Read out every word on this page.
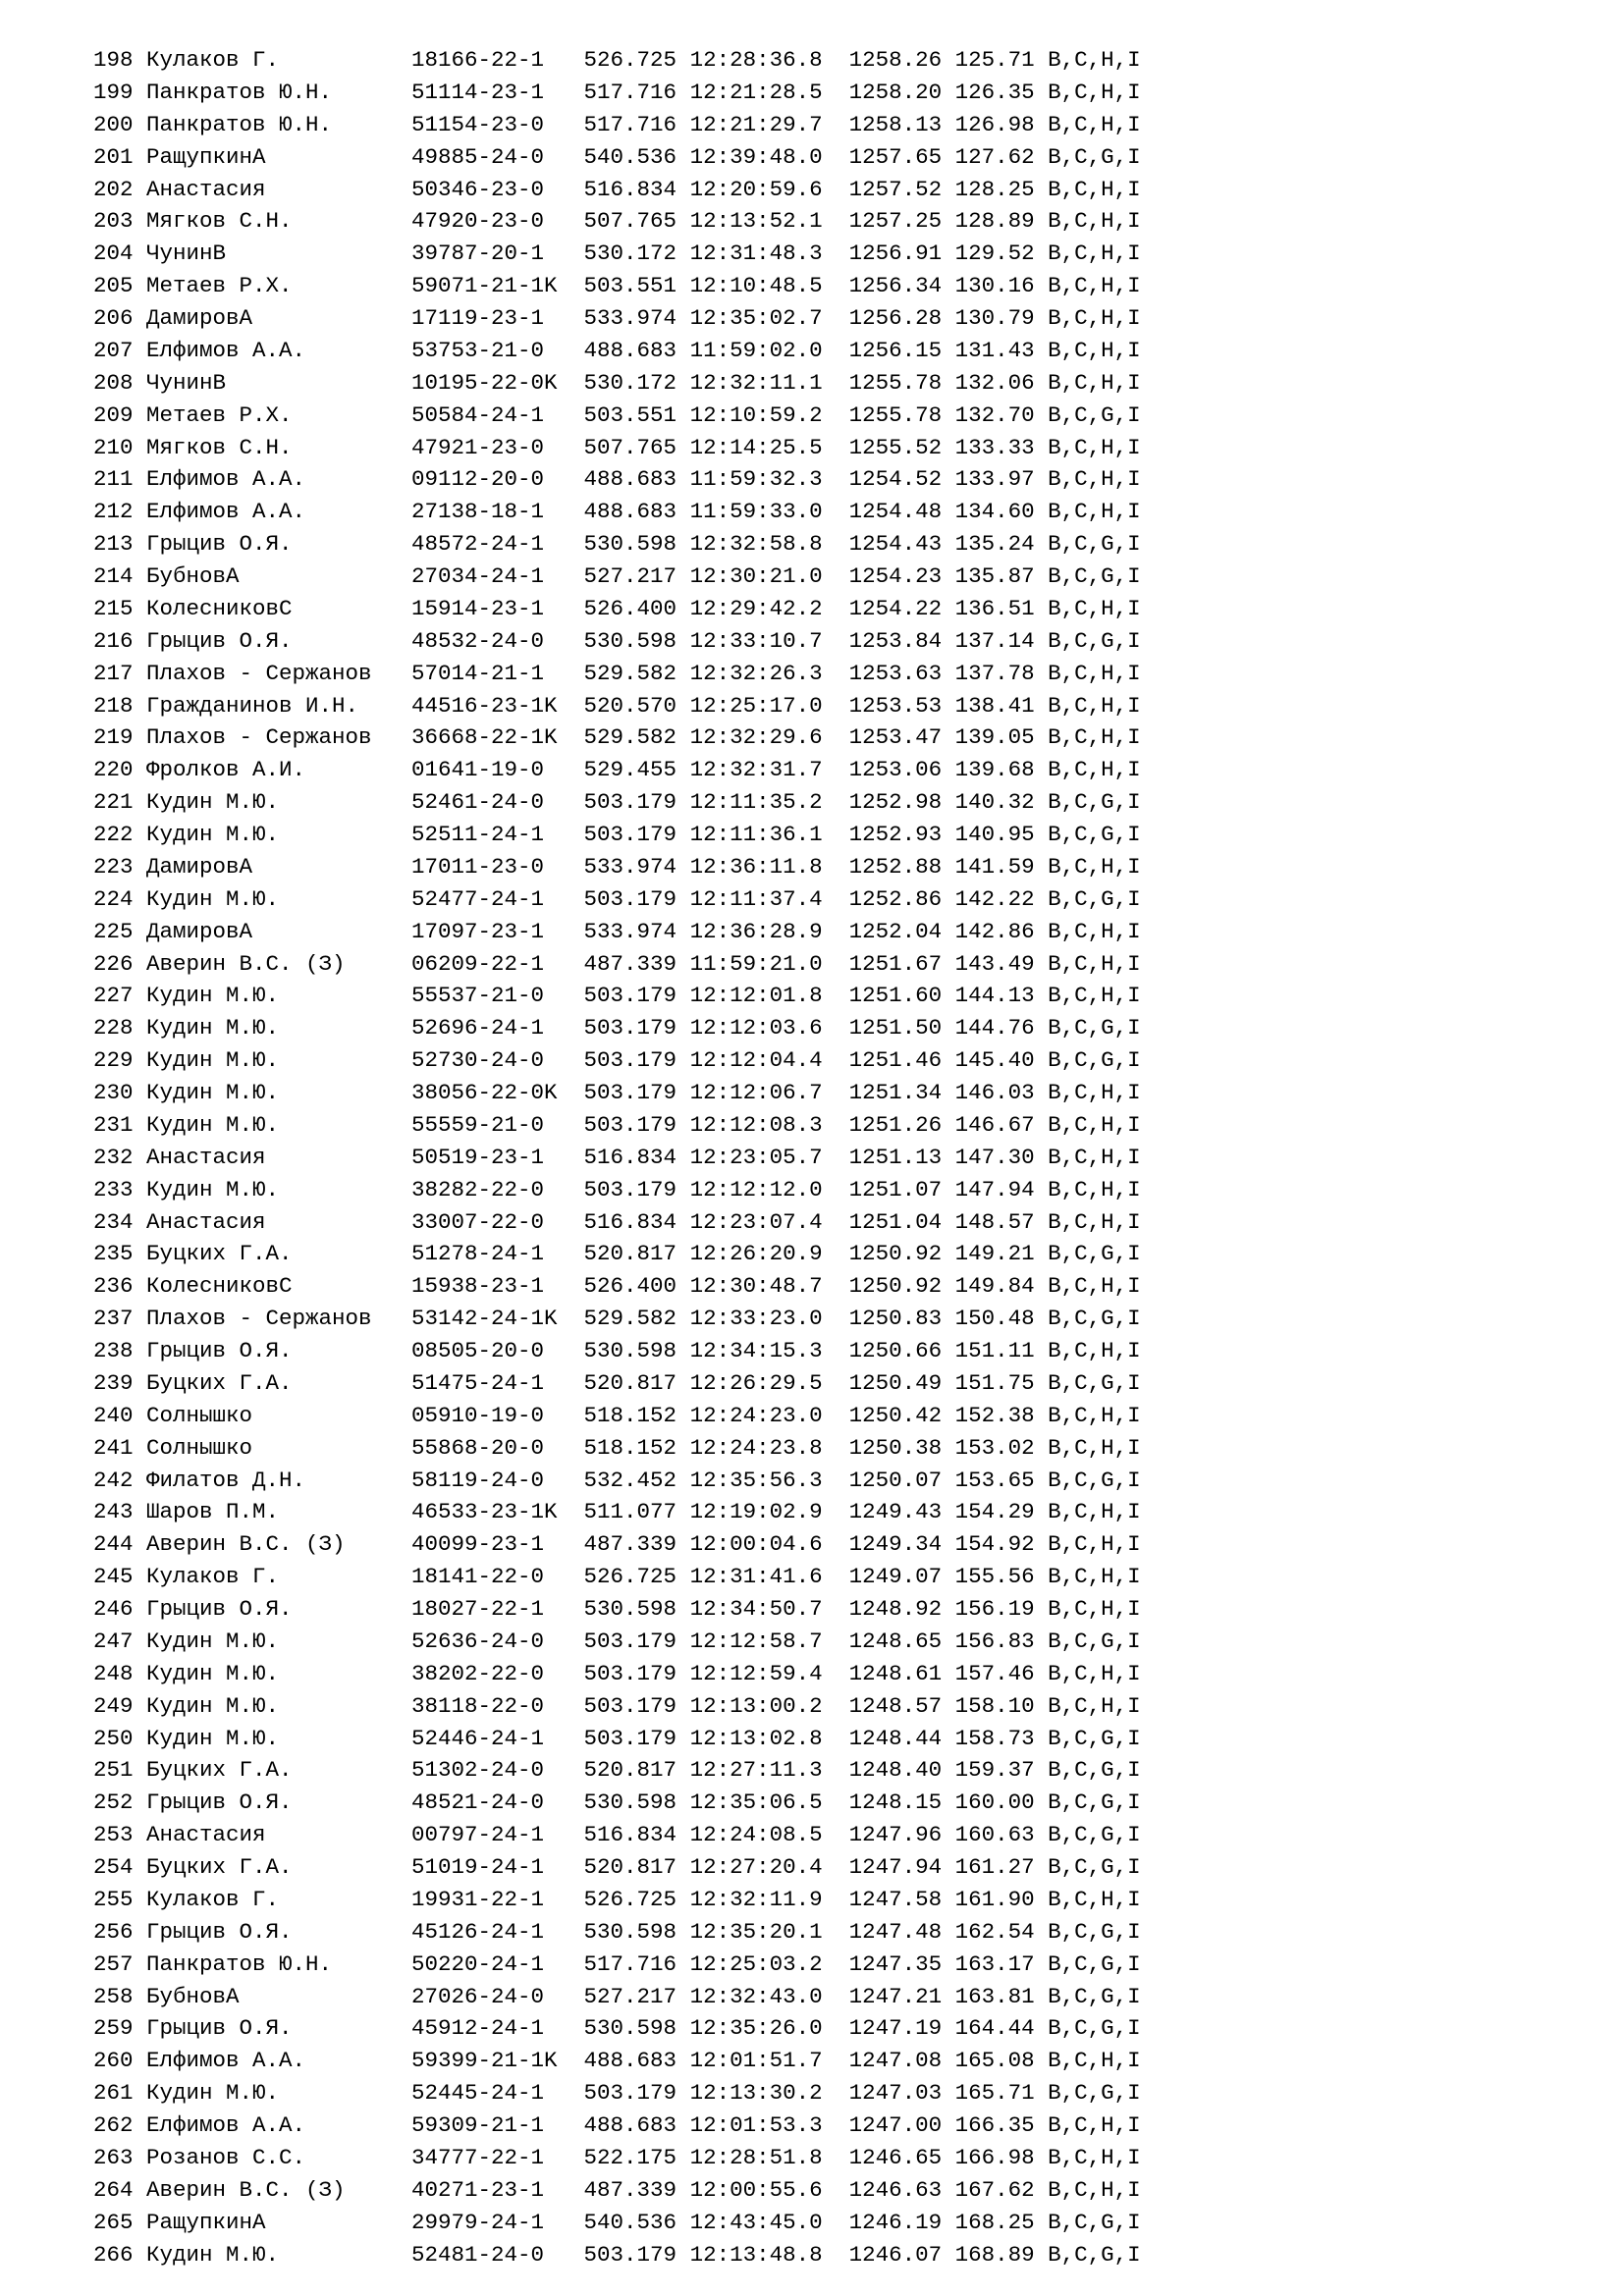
198 Кулаков Г.	18166-22-1	526.725 12:28:36.8	1258.26 125.71 B,C,H,I
199 Панкратов Ю.Н.	51114-23-1	517.716 12:21:28.5	1258.20 126.35 B,C,H,I
200 Панкратов Ю.Н.	51154-23-0	517.716 12:21:29.7	1258.13 126.98 B,C,H,I
201 РащупкинА	49885-24-0	540.536 12:39:48.0	1257.65 127.62 B,C,G,I
202 Анастасия	50346-23-0	516.834 12:20:59.6	1257.52 128.25 B,C,H,I
203 Мягков С.Н.	47920-23-0	507.765 12:13:52.1	1257.25 128.89 B,C,H,I
204 ЧунинВ	39787-20-1	530.172 12:31:48.3	1256.91 129.52 B,C,H,I
205 Метаев Р.Х.	59071-21-1K	503.551 12:10:48.5	1256.34 130.16 B,C,H,I
206 ДамировА	17119-23-1	533.974 12:35:02.7	1256.28 130.79 B,C,H,I
207 Елфимов А.А.	53753-21-0	488.683 11:59:02.0	1256.15 131.43 B,C,H,I
208 ЧунинВ	10195-22-0K	530.172 12:32:11.1	1255.78 132.06 B,C,H,I
209 Метаев Р.Х.	50584-24-1	503.551 12:10:59.2	1255.78 132.70 B,C,G,I
210 Мягков С.Н.	47921-23-0	507.765 12:14:25.5	1255.52 133.33 B,C,H,I
211 Елфимов А.А.	09112-20-0	488.683 11:59:32.3	1254.52 133.97 B,C,H,I
212 Елфимов А.А.	27138-18-1	488.683 11:59:33.0	1254.48 134.60 B,C,H,I
213 Грыцив О.Я.	48572-24-1	530.598 12:32:58.8	1254.43 135.24 B,C,G,I
214 БубновА	27034-24-1	527.217 12:30:21.0	1254.23 135.87 B,C,G,I
215 КолесниковС	15914-23-1	526.400 12:29:42.2	1254.22 136.51 B,C,H,I
216 Грыцив О.Я.	48532-24-0	530.598 12:33:10.7	1253.84 137.14 B,C,G,I
217 Плахов - Сержанов	57014-21-1	529.582 12:32:26.3	1253.63 137.78 B,C,H,I
218 Гражданинов И.Н.	44516-23-1K	520.570 12:25:17.0	1253.53 138.41 B,C,H,I
219 Плахов - Сержанов	36668-22-1K	529.582 12:32:29.6	1253.47 139.05 B,C,H,I
220 Фролков А.И.	01641-19-0	529.455 12:32:31.7	1253.06 139.68 B,C,H,I
221 Кудин М.Ю.	52461-24-0	503.179 12:11:35.2	1252.98 140.32 B,C,G,I
222 Кудин М.Ю.	52511-24-1	503.179 12:11:36.1	1252.93 140.95 B,C,G,I
223 ДамировА	17011-23-0	533.974 12:36:11.8	1252.88 141.59 B,C,H,I
224 Кудин М.Ю.	52477-24-1	503.179 12:11:37.4	1252.86 142.22 B,C,G,I
225 ДамировА	17097-23-1	533.974 12:36:28.9	1252.04 142.86 B,C,H,I
226 Аверин В.С. (З)	06209-22-1	487.339 11:59:21.0	1251.67 143.49 B,C,H,I
227 Кудин М.Ю.	55537-21-0	503.179 12:12:01.8	1251.60 144.13 B,C,H,I
228 Кудин М.Ю.	52696-24-1	503.179 12:12:03.6	1251.50 144.76 B,C,G,I
229 Кудин М.Ю.	52730-24-0	503.179 12:12:04.4	1251.46 145.40 B,C,G,I
230 Кудин М.Ю.	38056-22-0K	503.179 12:12:06.7	1251.34 146.03 B,C,H,I
231 Кудин М.Ю.	55559-21-0	503.179 12:12:08.3	1251.26 146.67 B,C,H,I
232 Анастасия	50519-23-1	516.834 12:23:05.7	1251.13 147.30 B,C,H,I
233 Кудин М.Ю.	38282-22-0	503.179 12:12:12.0	1251.07 147.94 B,C,H,I
234 Анастасия	33007-22-0	516.834 12:23:07.4	1251.04 148.57 B,C,H,I
235 Буцких Г.А.	51278-24-1	520.817 12:26:20.9	1250.92 149.21 B,C,G,I
236 КолесниковС	15938-23-1	526.400 12:30:48.7	1250.92 149.84 B,C,H,I
237 Плахов - Сержанов	53142-24-1K	529.582 12:33:23.0	1250.83 150.48 B,C,G,I
238 Грыцив О.Я.	08505-20-0	530.598 12:34:15.3	1250.66 151.11 B,C,H,I
239 Буцких Г.А.	51475-24-1	520.817 12:26:29.5	1250.49 151.75 B,C,G,I
240 Солнышко	05910-19-0	518.152 12:24:23.0	1250.42 152.38 B,C,H,I
241 Солнышко	55868-20-0	518.152 12:24:23.8	1250.38 153.02 B,C,H,I
242 Филатов Д.Н.	58119-24-0	532.452 12:35:56.3	1250.07 153.65 B,C,G,I
243 Шаров П.М.	46533-23-1K	511.077 12:19:02.9	1249.43 154.29 B,C,H,I
244 Аверин В.С. (З)	40099-23-1	487.339 12:00:04.6	1249.34 154.92 B,C,H,I
245 Кулаков Г.	18141-22-0	526.725 12:31:41.6	1249.07 155.56 B,C,H,I
246 Грыцив О.Я.	18027-22-1	530.598 12:34:50.7	1248.92 156.19 B,C,H,I
247 Кудин М.Ю.	52636-24-0	503.179 12:12:58.7	1248.65 156.83 B,C,G,I
248 Кудин М.Ю.	38202-22-0	503.179 12:12:59.4	1248.61 157.46 B,C,H,I
249 Кудин М.Ю.	38118-22-0	503.179 12:13:00.2	1248.57 158.10 B,C,H,I
250 Кудин М.Ю.	52446-24-1	503.179 12:13:02.8	1248.44 158.73 B,C,G,I
251 Буцких Г.А.	51302-24-0	520.817 12:27:11.3	1248.40 159.37 B,C,G,I
252 Грыцив О.Я.	48521-24-0	530.598 12:35:06.5	1248.15 160.00 B,C,G,I
253 Анастасия	00797-24-1	516.834 12:24:08.5	1247.96 160.63 B,C,G,I
254 Буцких Г.А.	51019-24-1	520.817 12:27:20.4	1247.94 161.27 B,C,G,I
255 Кулаков Г.	19931-22-1	526.725 12:32:11.9	1247.58 161.90 B,C,H,I
256 Грыцив О.Я.	45126-24-1	530.598 12:35:20.1	1247.48 162.54 B,C,G,I
257 Панкратов Ю.Н.	50220-24-1	517.716 12:25:03.2	1247.35 163.17 B,C,G,I
258 БубновА	27026-24-0	527.217 12:32:43.0	1247.21 163.81 B,C,G,I
259 Грыцив О.Я.	45912-24-1	530.598 12:35:26.0	1247.19 164.44 B,C,G,I
260 Елфимов А.А.	59399-21-1K	488.683 12:01:51.7	1247.08 165.08 B,C,H,I
261 Кудин М.Ю.	52445-24-1	503.179 12:13:30.2	1247.03 165.71 B,C,G,I
262 Елфимов А.А.	59309-21-1	488.683 12:01:53.3	1247.00 166.35 B,C,H,I
263 Розанов С.С.	34777-22-1	522.175 12:28:51.8	1246.65 166.98 B,C,H,I
264 Аверин В.С. (З)	40271-23-1	487.339 12:00:55.6	1246.63 167.62 B,C,H,I
265 РащупкинА	29979-24-1	540.536 12:43:45.0	1246.19 168.25 B,C,G,I
266 Кудин М.Ю.	52481-24-0	503.179 12:13:48.8	1246.07 168.89 B,C,G,I
